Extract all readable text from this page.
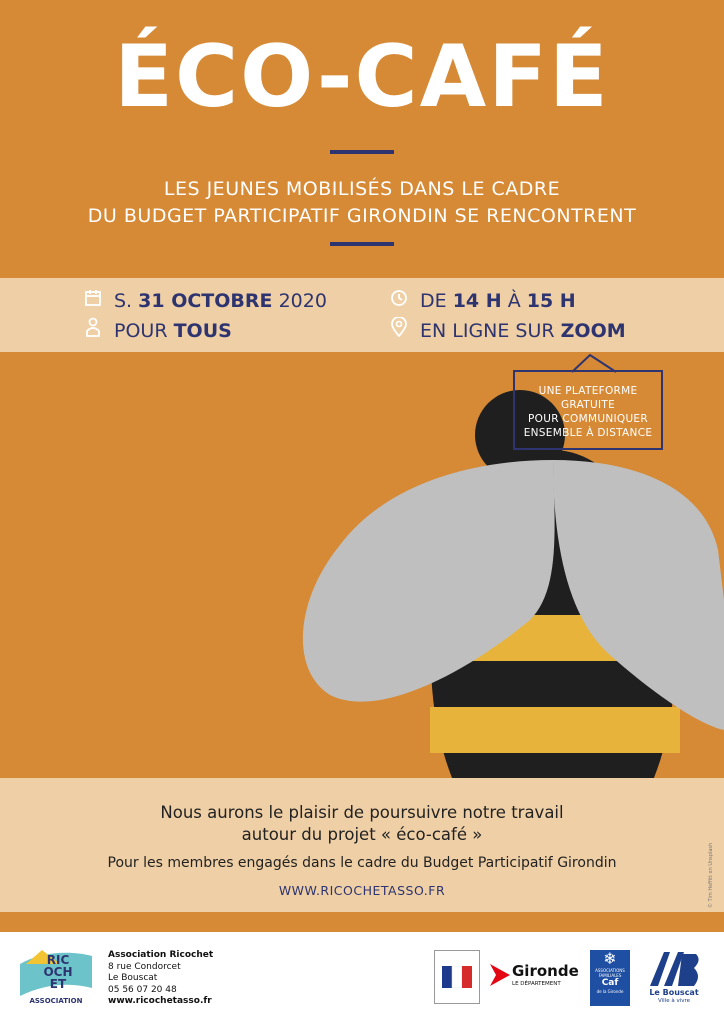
ÉCO-CAFÉ
LES JEUNES MOBILISÉS DANS LE CADRE
DU BUDGET PARTICIPATIF GIRONDIN SE RENCONTRENT
UNE PLATEFORME
GRATUITE
POUR COMMUNIQUER
ENSEMBLE À DISTANCE
S. 31 OCTOBRE 2020
POUR TOUS
DE 14 H À 15 H
EN LIGNE SUR ZOOM
Nous aurons le plaisir de poursuivre notre travail
autour du projet « éco-café »
Pour les membres engagés dans le cadre du Budget Participatif Girondin
WWW.RICOCHETASSO.FR	© Tim Heffitt on Unsplash
RIC
OCH
ET
ASSOCIATION
Association Ricochet
8 rue Condorcet
Le Bouscat
05 56 07 20 48
www.ricochetasso.fr
Gironde
LE DÉPARTEMENT
❄
ASSOCIATIONS
FAMILIALES
Caf
de la Gironde	Le Bouscat
Ville à vivre
